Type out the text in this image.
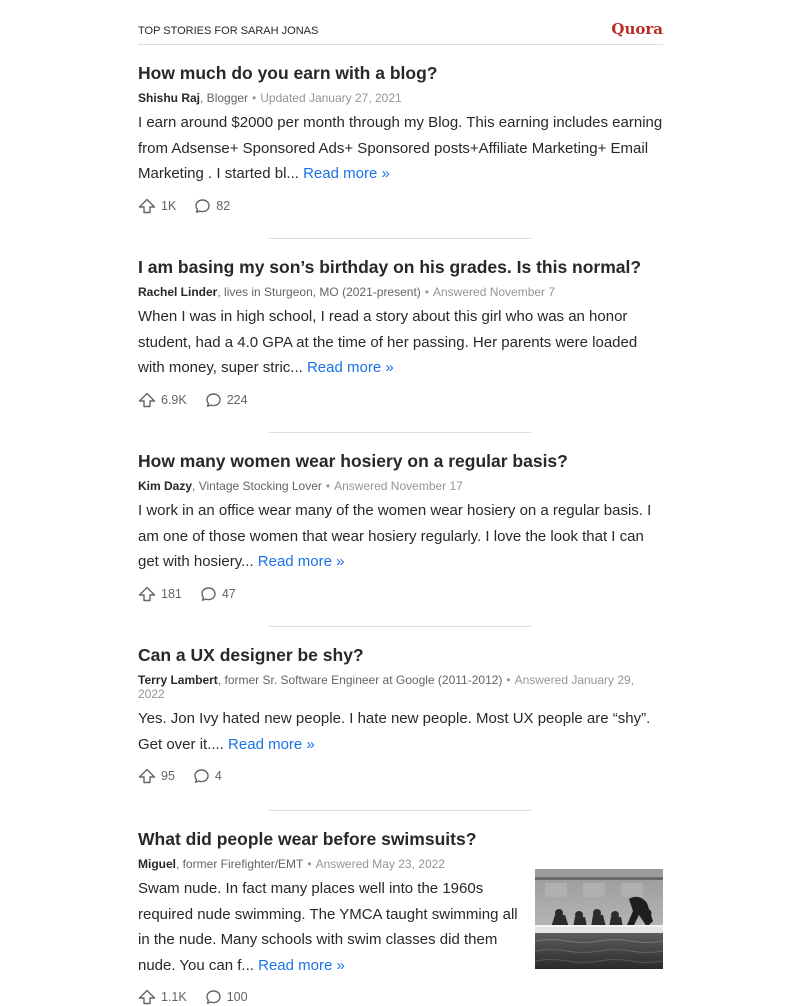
TOP STORIES FOR SARAH JONAS	Quora
How much do you earn with a blog?
Shishu Raj, Blogger • Updated January 27, 2021
I earn around $2000 per month through my Blog. This earning includes earning from Adsense+ Sponsored Ads+ Sponsored posts+Affiliate Marketing+ Email Marketing . I started bl... Read more »
1K	82
I am basing my son’s birthday on his grades. Is this normal?
Rachel Linder, lives in Sturgeon, MO (2021-present) • Answered November 7
When I was in high school, I read a story about this girl who was an honor student, had a 4.0 GPA at the time of her passing. Her parents were loaded with money, super stric... Read more »
6.9K	224
How many women wear hosiery on a regular basis?
Kim Dazy, Vintage Stocking Lover • Answered November 17
I work in an office wear many of the women wear hosiery on a regular basis. I am one of those women that wear hosiery regularly. I love the look that I can get with hosiery... Read more »
181	47
Can a UX designer be shy?
Terry Lambert, former Sr. Software Engineer at Google (2011-2012) • Answered January 29, 2022
Yes. Jon Ivy hated new people. I hate new people. Most UX people are “shy”. Get over it.... Read more »
95	4
What did people wear before swimsuits?
Miguel, former Firefighter/EMT • Answered May 23, 2022
Swam nude. In fact many places well into the 1960s required nude swimming. The YMCA taught swimming all in the nude. Many schools with swim classes did them nude. You can f... Read more »
1.1K	100
